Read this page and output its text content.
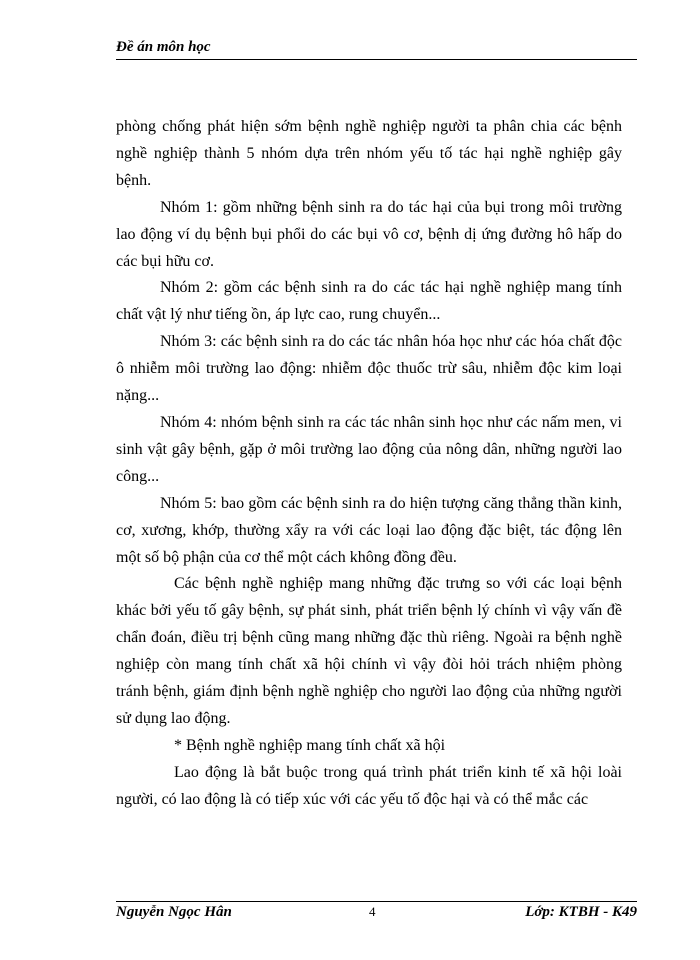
Đề án môn học

phòng chống phát hiện sớm bệnh nghề nghiệp người ta phân chia các bệnh nghề nghiệp thành 5 nhóm dựa trên nhóm yếu tố tác hại nghề nghiệp gây bệnh.

Nhóm 1: gồm những bệnh sinh ra do tác hại của bụi trong môi trường lao động ví dụ bệnh bụi phổi do các bụi vô cơ, bệnh dị ứng đường hô hấp do các bụi hữu cơ.

Nhóm 2: gồm các bệnh sinh ra do các tác hại nghề nghiệp mang tính chất vật lý như tiếng ồn, áp lực cao, rung chuyển...

Nhóm 3: các bệnh sinh ra do các tác nhân hóa học như các hóa chất độc ô nhiễm môi trường lao động: nhiễm độc thuốc trừ sâu, nhiễm độc kim loại nặng...

Nhóm 4: nhóm bệnh sinh ra các tác nhân sinh học như các nấm men, vi sinh vật gây bệnh, gặp ở môi trường lao động của nông dân, những người lao công...

Nhóm 5: bao gồm các bệnh sinh ra do hiện tượng căng thẳng thần kinh, cơ, xương, khớp, thường xẩy ra với các loại lao động đặc biệt, tác động lên một số bộ phận của cơ thể một cách không đồng đều.

Các bệnh nghề nghiệp mang những đặc trưng so với các loại bệnh khác bởi yếu tố gây bệnh, sự phát sinh, phát triển bệnh lý chính vì vậy vấn đề chẩn đoán, điều trị bệnh cũng mang những đặc thù riêng. Ngoài ra bệnh nghề nghiệp còn mang tính chất xã hội chính vì vậy đòi hỏi trách nhiệm phòng tránh bệnh, giám định bệnh nghề nghiệp cho người lao động của những người sử dụng lao động.

* Bệnh nghề nghiệp mang tính chất xã hội

Lao động là bắt buộc trong quá trình phát triển kinh tế xã hội loài người, có lao động là có tiếp xúc với các yếu tố độc hại và có thể mắc các

Nguyễn Ngọc Hân	4	Lớp: KTBH - K49
